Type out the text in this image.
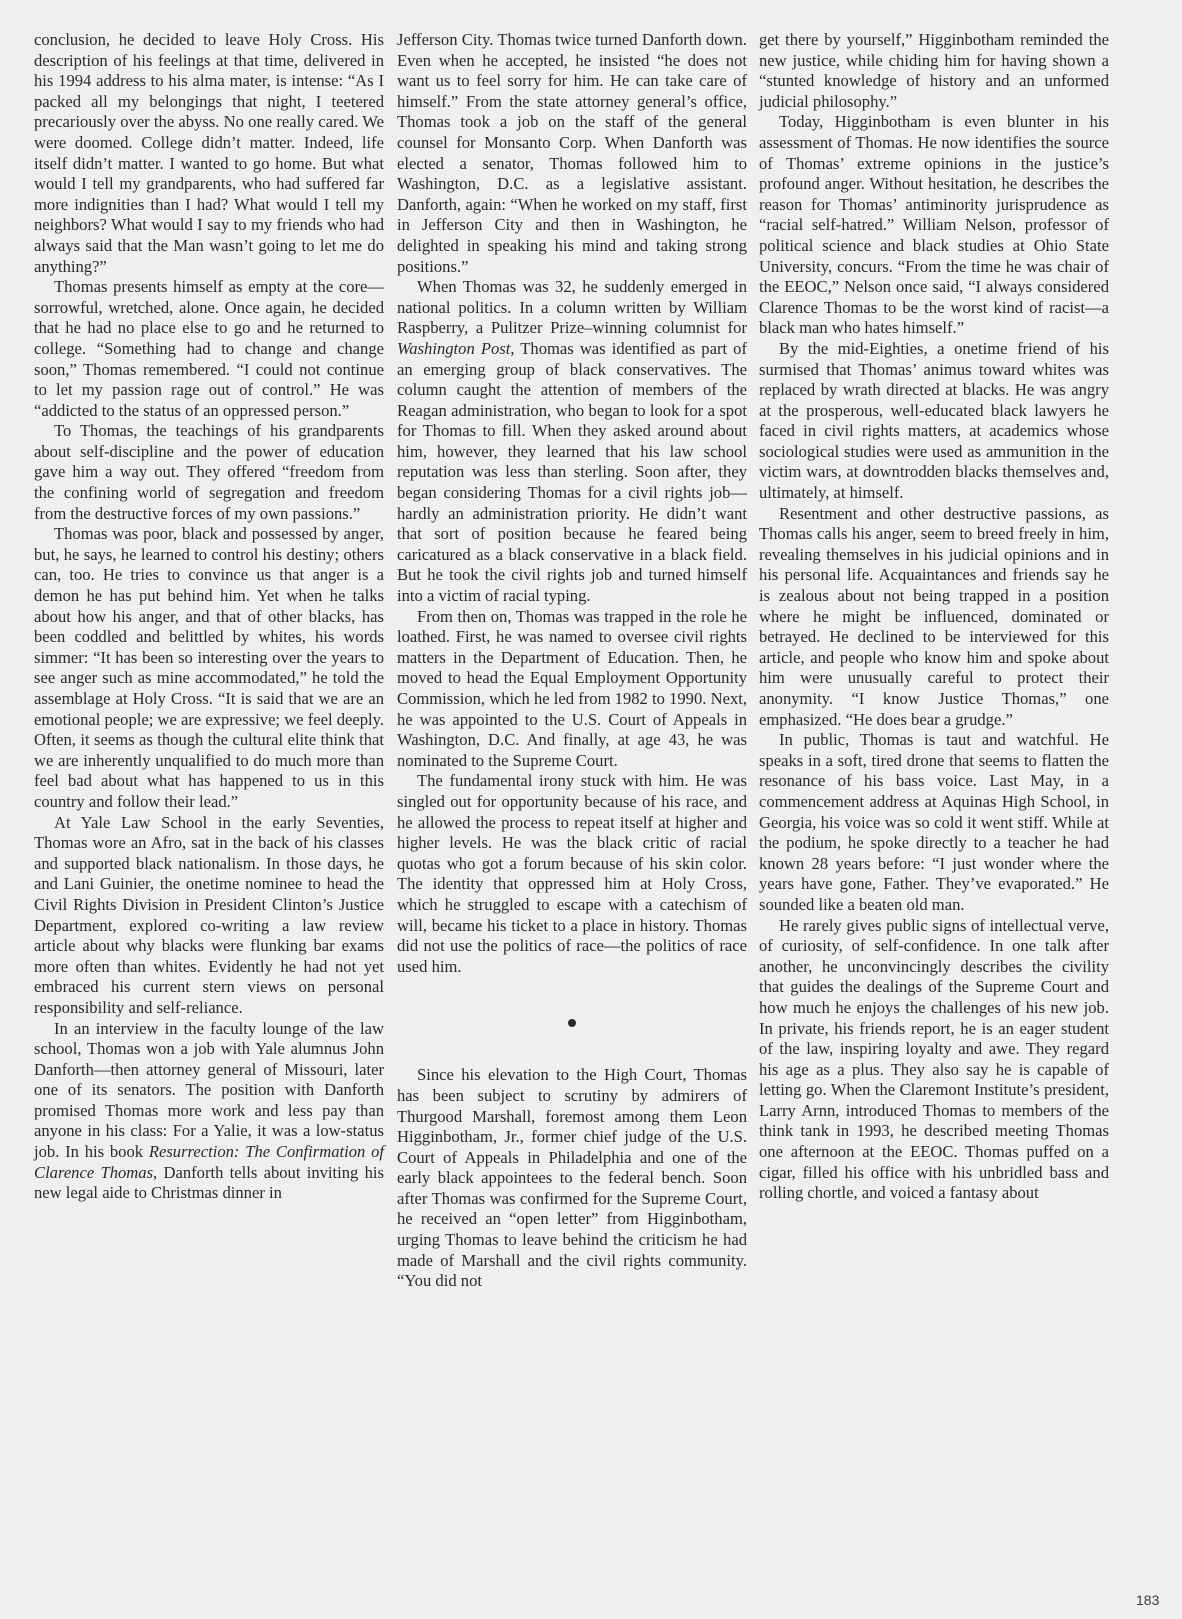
conclusion, he decided to leave Holy Cross. His description of his feelings at that time, delivered in his 1994 address to his alma mater, is intense: “As I packed all my belongings that night, I teetered precariously over the abyss. No one really cared. We were doomed. College didn’t matter. Indeed, life itself didn’t matter. I wanted to go home. But what would I tell my grandparents, who had suffered far more indignities than I had? What would I tell my neighbors? What would I say to my friends who had always said that the Man wasn’t going to let me do anything?”

Thomas presents himself as empty at the core—sorrowful, wretched, alone. Once again, he decided that he had no place else to go and he returned to college. “Something had to change and change soon,” Thomas remembered. “I could not continue to let my passion rage out of control.” He was “addicted to the status of an oppressed person.”

To Thomas, the teachings of his grandparents about self-discipline and the power of education gave him a way out. They offered “freedom from the confining world of segregation and freedom from the destructive forces of my own passions.”

Thomas was poor, black and possessed by anger, but, he says, he learned to control his destiny; others can, too. He tries to convince us that anger is a demon he has put behind him. Yet when he talks about how his anger, and that of other blacks, has been coddled and belittled by whites, his words simmer: “It has been so interesting over the years to see anger such as mine accommodated,” he told the assemblage at Holy Cross. “It is said that we are an emotional people; we are expressive; we feel deeply. Often, it seems as though the cultural elite think that we are inherently unqualified to do much more than feel bad about what has happened to us in this country and follow their lead.”

At Yale Law School in the early Seventies, Thomas wore an Afro, sat in the back of his classes and supported black nationalism. In those days, he and Lani Guinier, the onetime nominee to head the Civil Rights Division in President Clinton’s Justice Department, explored co-writing a law review article about why blacks were flunking bar exams more often than whites. Evidently he had not yet embraced his current stern views on personal responsibility and self-reliance.

In an interview in the faculty lounge of the law school, Thomas won a job with Yale alumnus John Danforth—then attorney general of Missouri, later one of its senators. The position with Danforth promised Thomas more work and less pay than anyone in his class: For a Yalie, it was a low-status job. In his book Resurrection: The Confirmation of Clarence Thomas, Danforth tells about inviting his new legal aide to Christmas dinner in

Jefferson City. Thomas twice turned Danforth down. Even when he accepted, he insisted “he does not want us to feel sorry for him. He can take care of himself.” From the state attorney general’s office, Thomas took a job on the staff of the general counsel for Monsanto Corp. When Danforth was elected a senator, Thomas followed him to Washington, D.C. as a legislative assistant. Danforth, again: “When he worked on my staff, first in Jefferson City and then in Washington, he delighted in speaking his mind and taking strong positions.”

When Thomas was 32, he suddenly emerged in national politics. In a column written by William Raspberry, a Pulitzer Prize–winning columnist for Washington Post, Thomas was identified as part of an emerging group of black conservatives. The column caught the attention of members of the Reagan administration, who began to look for a spot for Thomas to fill. When they asked around about him, however, they learned that his law school reputation was less than sterling. Soon after, they began considering Thomas for a civil rights job—hardly an administration priority. He didn’t want that sort of position because he feared being caricatured as a black conservative in a black field. But he took the civil rights job and turned himself into a victim of racial typing.

From then on, Thomas was trapped in the role he loathed. First, he was named to oversee civil rights matters in the Department of Education. Then, he moved to head the Equal Employment Opportunity Commission, which he led from 1982 to 1990. Next, he was appointed to the U.S. Court of Appeals in Washington, D.C. And finally, at age 43, he was nominated to the Supreme Court.

The fundamental irony stuck with him. He was singled out for opportunity because of his race, and he allowed the process to repeat itself at higher and higher levels. He was the black critic of racial quotas who got a forum because of his skin color. The identity that oppressed him at Holy Cross, which he struggled to escape with a catechism of will, became his ticket to a place in history. Thomas did not use the politics of race—the politics of race used him.

Since his elevation to the High Court, Thomas has been subject to scrutiny by admirers of Thurgood Marshall, foremost among them Leon Higginbotham, Jr., former chief judge of the U.S. Court of Appeals in Philadelphia and one of the early black appointees to the federal bench. Soon after Thomas was confirmed for the Supreme Court, he received an “open letter” from Higginbotham, urging Thomas to leave behind the criticism he had made of Marshall and the civil rights community. “You did not

get there by yourself,” Higginbotham reminded the new justice, while chiding him for having shown a “stunted knowledge of history and an unformed judicial philosophy.”

Today, Higginbotham is even blunter in his assessment of Thomas. He now identifies the source of Thomas’ extreme opinions in the justice’s profound anger. Without hesitation, he describes the reason for Thomas’ antiminority jurisprudence as “racial self-hatred.” William Nelson, professor of political science and black studies at Ohio State University, concurs. “From the time he was chair of the EEOC,” Nelson once said, “I always considered Clarence Thomas to be the worst kind of racist—a black man who hates himself.”

By the mid-Eighties, a onetime friend of his surmised that Thomas’ animus toward whites was replaced by wrath directed at blacks. He was angry at the prosperous, well-educated black lawyers he faced in civil rights matters, at academics whose sociological studies were used as ammunition in the victim wars, at downtrodden blacks themselves and, ultimately, at himself.

Resentment and other destructive passions, as Thomas calls his anger, seem to breed freely in him, revealing themselves in his judicial opinions and in his personal life. Acquaintances and friends say he is zealous about not being trapped in a position where he might be influenced, dominated or betrayed. He declined to be interviewed for this article, and people who know him and spoke about him were unusually careful to protect their anonymity. “I know Justice Thomas,” one emphasized. “He does bear a grudge.”

In public, Thomas is taut and watchful. He speaks in a soft, tired drone that seems to flatten the resonance of his bass voice. Last May, in a commencement address at Aquinas High School, in Georgia, his voice was so cold it went stiff. While at the podium, he spoke directly to a teacher he had known 28 years before: “I just wonder where the years have gone, Father. They’ve evaporated.” He sounded like a beaten old man.

He rarely gives public signs of intellectual verve, of curiosity, of self-confidence. In one talk after another, he unconvincingly describes the civility that guides the dealings of the Supreme Court and how much he enjoys the challenges of his new job. In private, his friends report, he is an eager student of the law, inspiring loyalty and awe. They regard his age as a plus. They also say he is capable of letting go. When the Claremont Institute’s president, Larry Arnn, introduced Thomas to members of the think tank in 1993, he described meeting Thomas one afternoon at the EEOC. Thomas puffed on a cigar, filled his office with his unbridled bass and rolling chortle, and voiced a fantasy about

183
